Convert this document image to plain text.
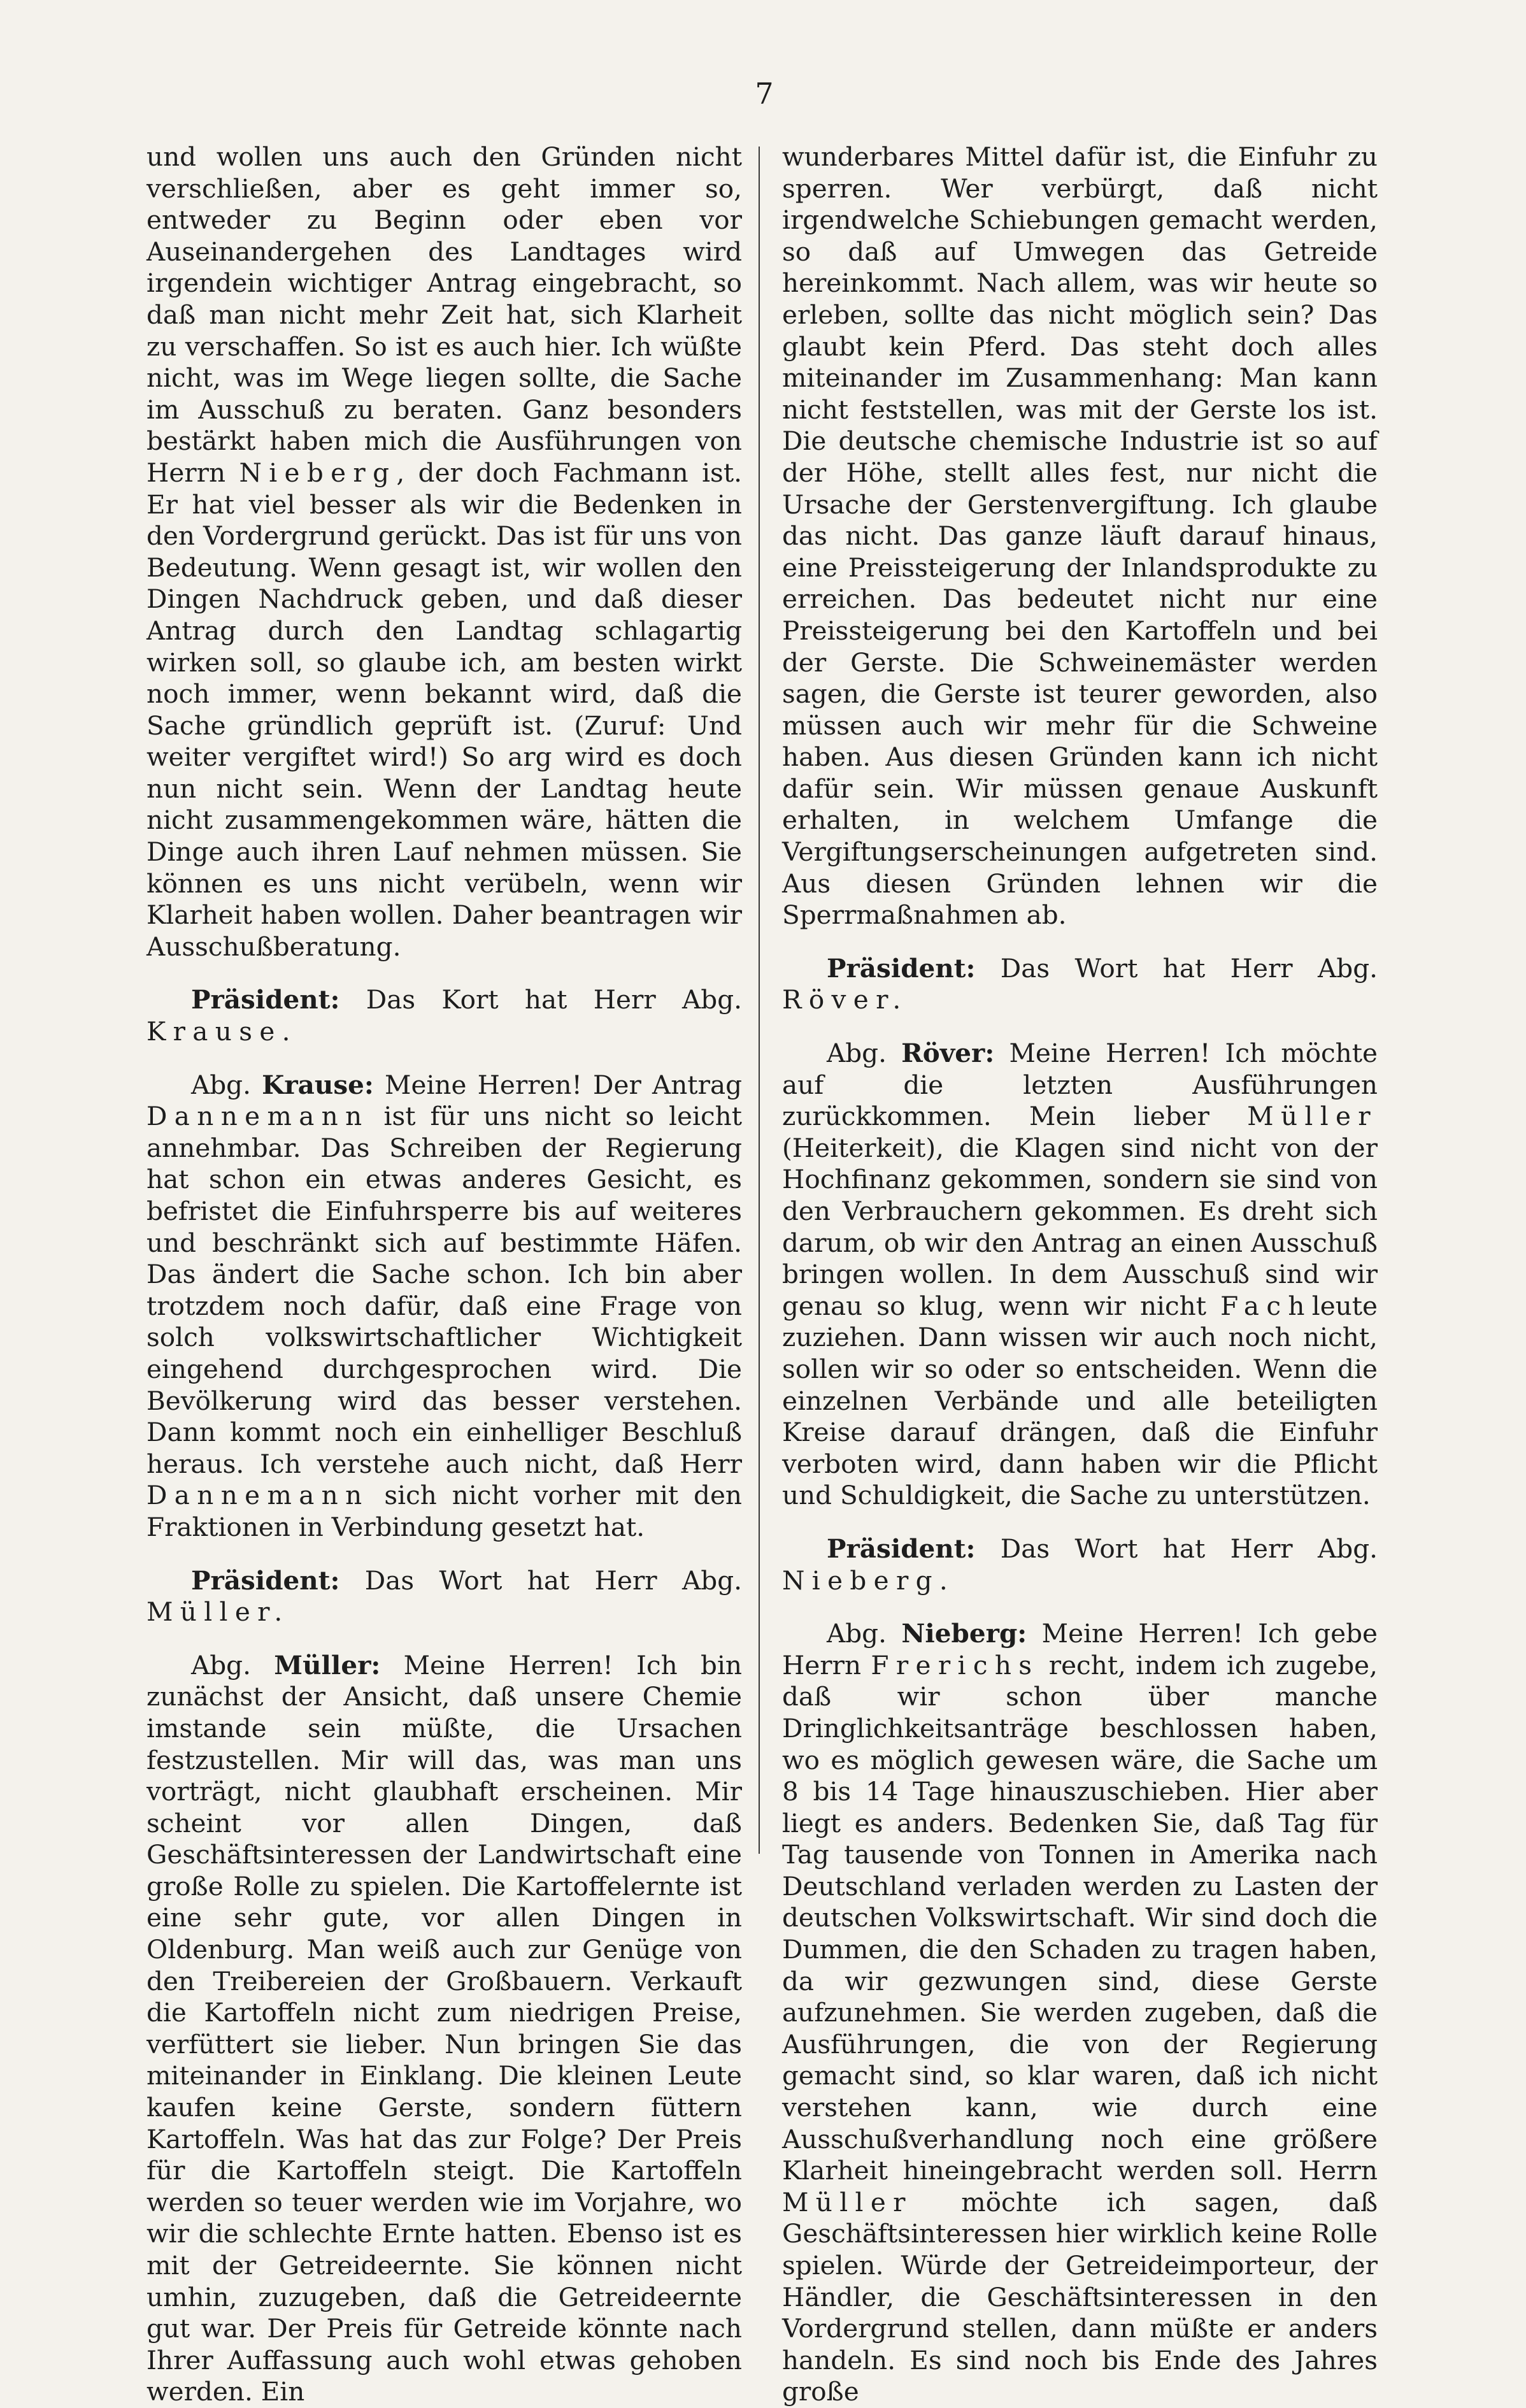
7

und wollen uns auch den Gründen nicht verschließen, aber es geht immer so, entweder zu Beginn oder eben vor Auseinandergehen des Landtages wird irgendein wichtiger Antrag eingebracht, so daß man nicht mehr Zeit hat, sich Klarheit zu verschaffen. So ist es auch hier. Ich wüßte nicht, was im Wege liegen sollte, die Sache im Ausschuß zu beraten. Ganz besonders bestärkt haben mich die Ausführungen von Herrn Nieberg, der doch Fachmann ist. Er hat viel besser als wir die Bedenken in den Vordergrund gerückt. Das ist für uns von Bedeutung. Wenn gesagt ist, wir wollen den Dingen Nachdruck geben, und daß dieser Antrag durch den Landtag schlagartig wirken soll, so glaube ich, am besten wirkt noch immer, wenn bekannt wird, daß die Sache gründlich geprüft ist. (Zuruf: Und weiter vergiftet wird!) So arg wird es doch nun nicht sein. Wenn der Landtag heute nicht zusammengekommen wäre, hätten die Dinge auch ihren Lauf nehmen müssen. Sie können es uns nicht verübeln, wenn wir Klarheit haben wollen. Daher beantragen wir Ausschußberatung.

Präsident: Das Kort hat Herr Abg. Krause.

Abg. Krause: Meine Herren! Der Antrag Dannemann ist für uns nicht so leicht annehmbar. Das Schreiben der Regierung hat schon ein etwas anderes Gesicht, es befristet die Einfuhrsperre bis auf weiteres und beschränkt sich auf bestimmte Häfen. Das ändert die Sache schon. Ich bin aber trotzdem noch dafür, daß eine Frage von solch volkswirtschaftlicher Wichtigkeit eingehend durchgesprochen wird. Die Bevölkerung wird das besser verstehen. Dann kommt noch ein einhelliger Beschluß heraus. Ich verstehe auch nicht, daß Herr Dannemann sich nicht vorher mit den Fraktionen in Verbindung gesetzt hat.

Präsident: Das Wort hat Herr Abg. Müller.

Abg. Müller: Meine Herren! Ich bin zunächst der Ansicht, daß unsere Chemie imstande sein müßte, die Ursachen festzustellen. Mir will das, was man uns vorträgt, nicht glaubhaft erscheinen. Mir scheint vor allen Dingen, daß Geschäftsinteressen der Landwirtschaft eine große Rolle zu spielen. Die Kartoffelernte ist eine sehr gute, vor allen Dingen in Oldenburg. Man weiß auch zur Genüge von den Treibereien der Großbauern. Verkauft die Kartoffeln nicht zum niedrigen Preise, verfüttert sie lieber. Nun bringen Sie das miteinander in Einklang. Die kleinen Leute kaufen keine Gerste, sondern füttern Kartoffeln. Was hat das zur Folge? Der Preis für die Kartoffeln steigt. Die Kartoffeln werden so teuer werden wie im Vorjahre, wo wir die schlechte Ernte hatten. Ebenso ist es mit der Getreideernte. Sie können nicht umhin, zuzugeben, daß die Getreideernte gut war. Der Preis für Getreide könnte nach Ihrer Auffassung auch wohl etwas gehoben werden. Ein

wunderbares Mittel dafür ist, die Einfuhr zu sperren. Wer verbürgt, daß nicht irgendwelche Schiebungen gemacht werden, so daß auf Umwegen das Getreide hereinkommt. Nach allem, was wir heute so erleben, sollte das nicht möglich sein? Das glaubt kein Pferd. Das steht doch alles miteinander im Zusammenhang: Man kann nicht feststellen, was mit der Gerste los ist. Die deutsche chemische Industrie ist so auf der Höhe, stellt alles fest, nur nicht die Ursache der Gerstenvergiftung. Ich glaube das nicht. Das ganze läuft darauf hinaus, eine Preissteigerung der Inlandsprodukte zu erreichen. Das bedeutet nicht nur eine Preissteigerung bei den Kartoffeln und bei der Gerste. Die Schweinemäster werden sagen, die Gerste ist teurer geworden, also müssen auch wir mehr für die Schweine haben. Aus diesen Gründen kann ich nicht dafür sein. Wir müssen genaue Auskunft erhalten, in welchem Umfange die Vergiftungserscheinungen aufgetreten sind. Aus diesen Gründen lehnen wir die Sperrmaßnahmen ab.

Präsident: Das Wort hat Herr Abg. Röver.

Abg. Röver: Meine Herren! Ich möchte auf die letzten Ausführungen zurückkommen. Mein lieber Müller (Heiterkeit), die Klagen sind nicht von der Hochfinanz gekommen, sondern sie sind von den Verbrauchern gekommen. Es dreht sich darum, ob wir den Antrag an einen Ausschuß bringen wollen. In dem Ausschuß sind wir genau so klug, wenn wir nicht Fachleute zuziehen. Dann wissen wir auch noch nicht, sollen wir so oder so entscheiden. Wenn die einzelnen Verbände und alle beteiligten Kreise darauf drängen, daß die Einfuhr verboten wird, dann haben wir die Pflicht und Schuldigkeit, die Sache zu unterstützen.

Präsident: Das Wort hat Herr Abg. Nieberg.

Abg. Nieberg: Meine Herren! Ich gebe Herrn Frerichs recht, indem ich zugebe, daß wir schon über manche Dringlichkeitsanträge beschlossen haben, wo es möglich gewesen wäre, die Sache um 8 bis 14 Tage hinauszuschieben. Hier aber liegt es anders. Bedenken Sie, daß Tag für Tag tausende von Tonnen in Amerika nach Deutschland verladen werden zu Lasten der deutschen Volkswirtschaft. Wir sind doch die Dummen, die den Schaden zu tragen haben, da wir gezwungen sind, diese Gerste aufzunehmen. Sie werden zugeben, daß die Ausführungen, die von der Regierung gemacht sind, so klar waren, daß ich nicht verstehen kann, wie durch eine Ausschußverhandlung noch eine größere Klarheit hineingebracht werden soll. Herrn Müller möchte ich sagen, daß Geschäftsinteressen hier wirklich keine Rolle spielen. Würde der Getreideimporteur, der Händler, die Geschäftsinteressen in den Vordergrund stellen, dann müßte er anders handeln. Es sind noch bis Ende des Jahres große
